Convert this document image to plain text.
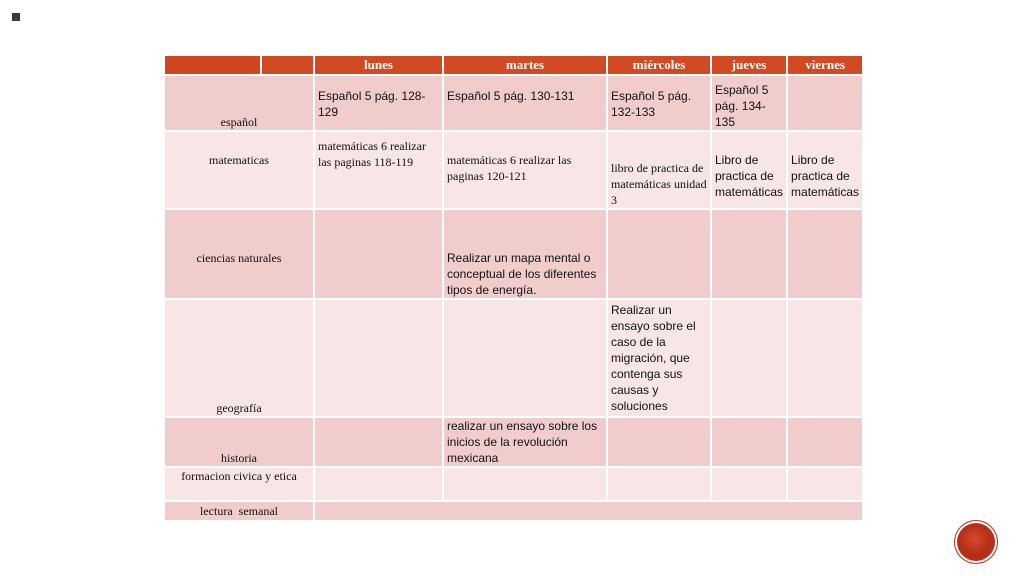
		lunes	martes	miércoles	jueves	viernes
español		Español 5 pág. 128-129	Español 5 pág. 130-131	Español 5 pág. 132-133	Español 5 pág. 134-135	
matematicas		matemáticas 6 realizar las paginas 118-119	matemáticas 6 realizar las paginas 120-121	libro de practica de matemáticas unidad 3	Libro de practica de matemáticas	Libro de practica de matemáticas
ciencias naturales			Realizar un mapa mental o conceptual de los diferentes tipos de energía.			
geografía				Realizar un ensayo sobre el caso de la migración, que contenga sus causas y soluciones		
historia			realizar un ensayo sobre los inicios de la revolución mexicana			
formacion civica y etica						
lectura  semanal						
